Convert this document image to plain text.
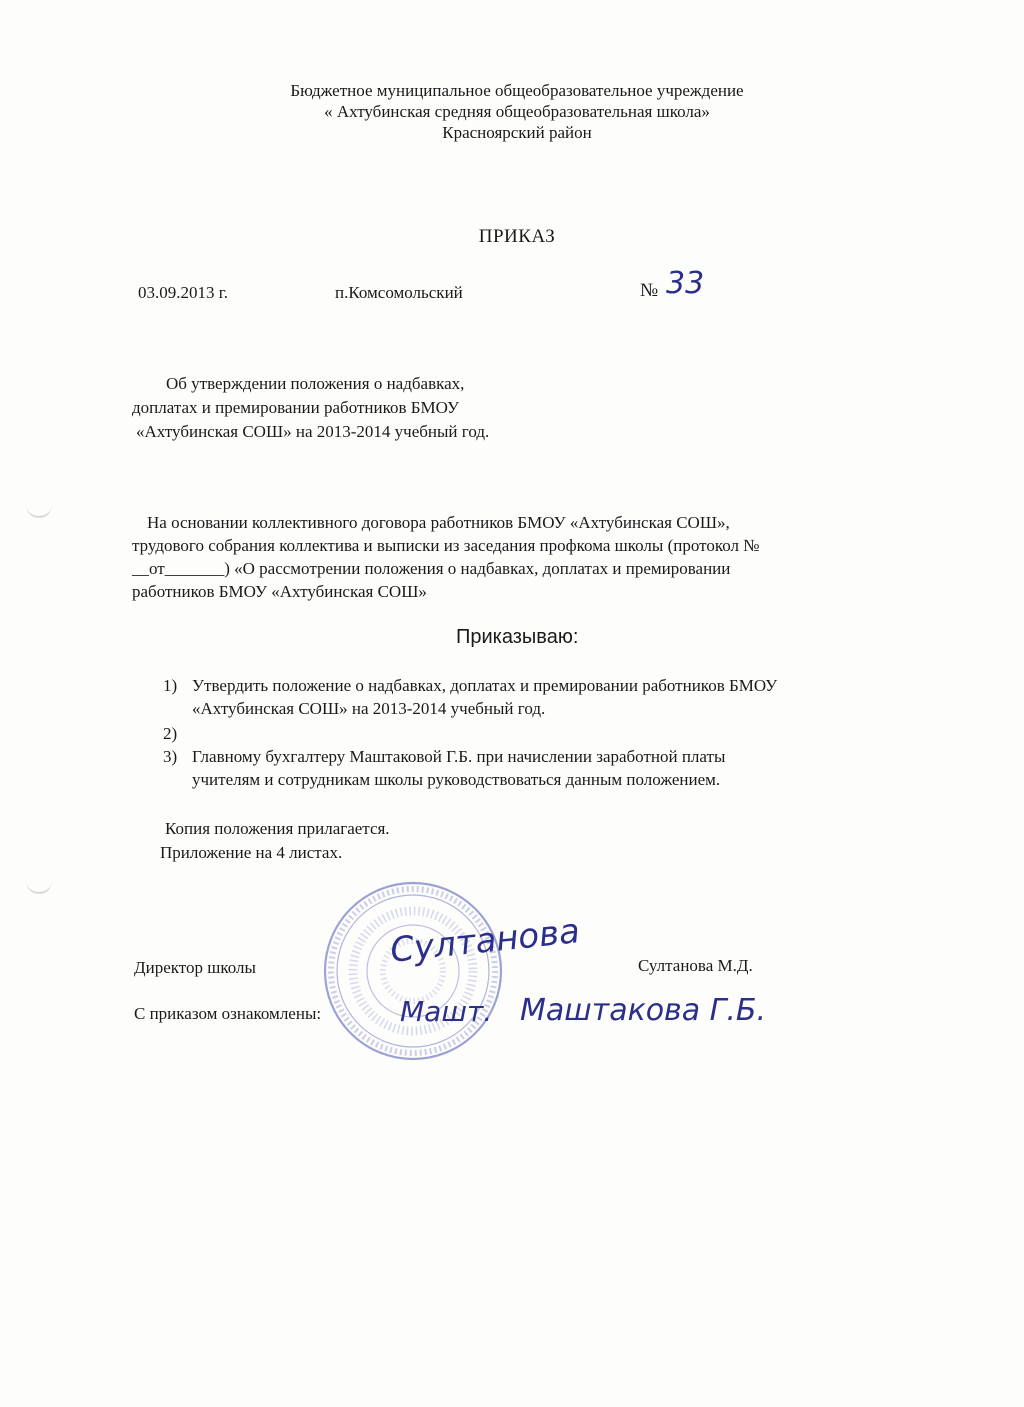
Бюджетное муниципальное общеобразовательное учреждение
« Ахтубинская средняя общеобразовательная школа»
Красноярский район
ПРИКАЗ
03.09.2013 г.	п.Комсомольский	№ 33
Об утверждении положения о надбавках,
доплатах и премировании работников БМОУ
«Ахтубинская СОШ» на 2013-2014 учебный год.
На основании коллективного договора работников БМОУ «Ахтубинская СОШ»,
трудового собрания коллектива и выписки из заседания профкома школы (протокол №
__от_______) «О рассмотрении положения о надбавках, доплатах и премировании
работников БМОУ «Ахтубинская СОШ»
Приказываю:
1) Утвердить положение о надбавках, доплатах и премировании работников БМОУ
«Ахтубинская СОШ» на 2013-2014 учебный год.
2)
3) Главному бухгалтеру Маштаковой Г.Б. при начислении заработной платы
учителям и сотрудникам школы руководствоваться данным положением.
Копия положения прилагается.
Приложение на 4 листах.
Директор школы	Султанова М.Д.
Султанова
С приказом ознакомлены:	Машт. Маштакова Г.Б.
